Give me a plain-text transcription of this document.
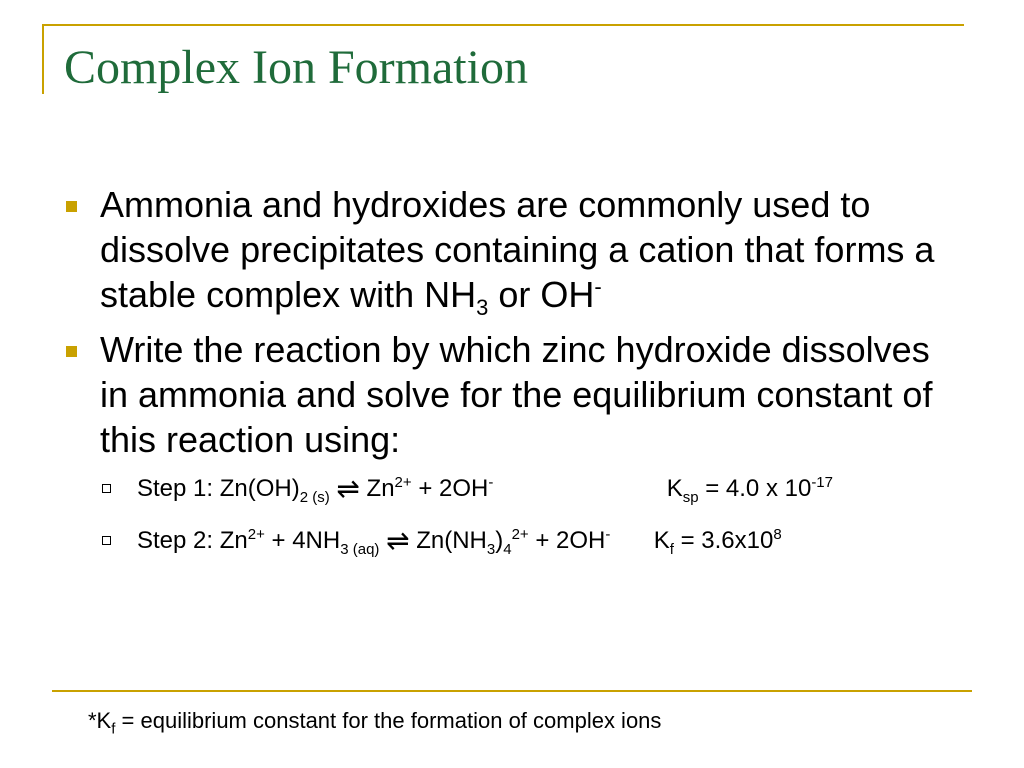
Complex Ion Formation
Ammonia and hydroxides are commonly used to dissolve precipitates containing a cation that forms a stable complex with $NH_3$ or OH-
Write the reaction by which zinc hydroxide dissolves in ammonia and solve for the equilibrium constant of this reaction using:
Step 1: $Zn(OH)_{2 (s)}$ ⇌ $Zn^{2+} + 2OH^-$	$K_{sp} = 4.0$ x $10^{-17}$
Step 2: $Zn^{2+} + 4NH_{3 (aq)}$ ⇌ $Zn(NH_3)_4^{2+} + 2OH^-$ $K_f = 3.6x10^8$
$*K_f$ = equilibrium constant for the formation of complex ions
